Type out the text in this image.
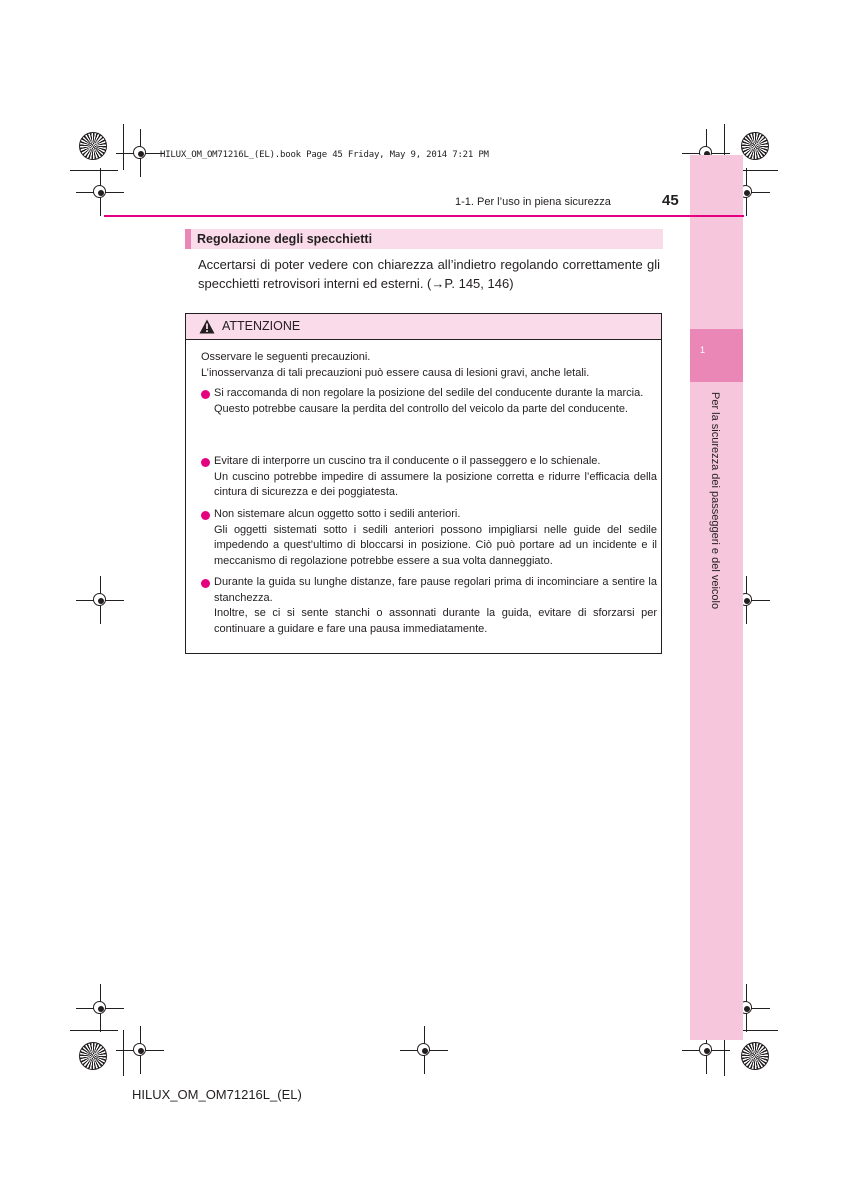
HILUX_OM_OM71216L_(EL).book Page 45 Friday, May 9, 2014 7:21 PM
1
Per la sicurezza dei passeggeri e del veicolo
1-1. Per l’uso in piena sicurezza	45
Regolazione degli specchietti
Accertarsi di poter vedere con chiarezza all’indietro regolando correttamente gli specchietti retrovisori interni ed esterni. (→P. 145, 146)
ATTENZIONE
Osservare le seguenti precauzioni.
L’inosservanza di tali precauzioni può essere causa di lesioni gravi, anche letali.

Si raccomanda di non regolare la posizione del sedile del conducente durante la marcia.

Questo potrebbe causare la perdita del controllo del veicolo da parte del conducente.

Evitare di interporre un cuscino tra il conducente o il passeggero e lo schienale.

Un cuscino potrebbe impedire di assumere la posizione corretta e ridurre l’efficacia della cintura di sicurezza e dei poggiatesta.

Non sistemare alcun oggetto sotto i sedili anteriori.

Gli oggetti sistemati sotto i sedili anteriori possono impigliarsi nelle guide del sedile impedendo a quest’ultimo di bloccarsi in posizione. Ciò può portare ad un incidente e il meccanismo di regolazione potrebbe essere a sua volta danneggiato.

Durante la guida su lunghe distanze, fare pause regolari prima di incominciare a sentire la stanchezza.

Inoltre, se ci si sente stanchi o assonnati durante la guida, evitare di sforzarsi per continuare a guidare e fare una pausa immediatamente.

HILUX_OM_OM71216L_(EL)
